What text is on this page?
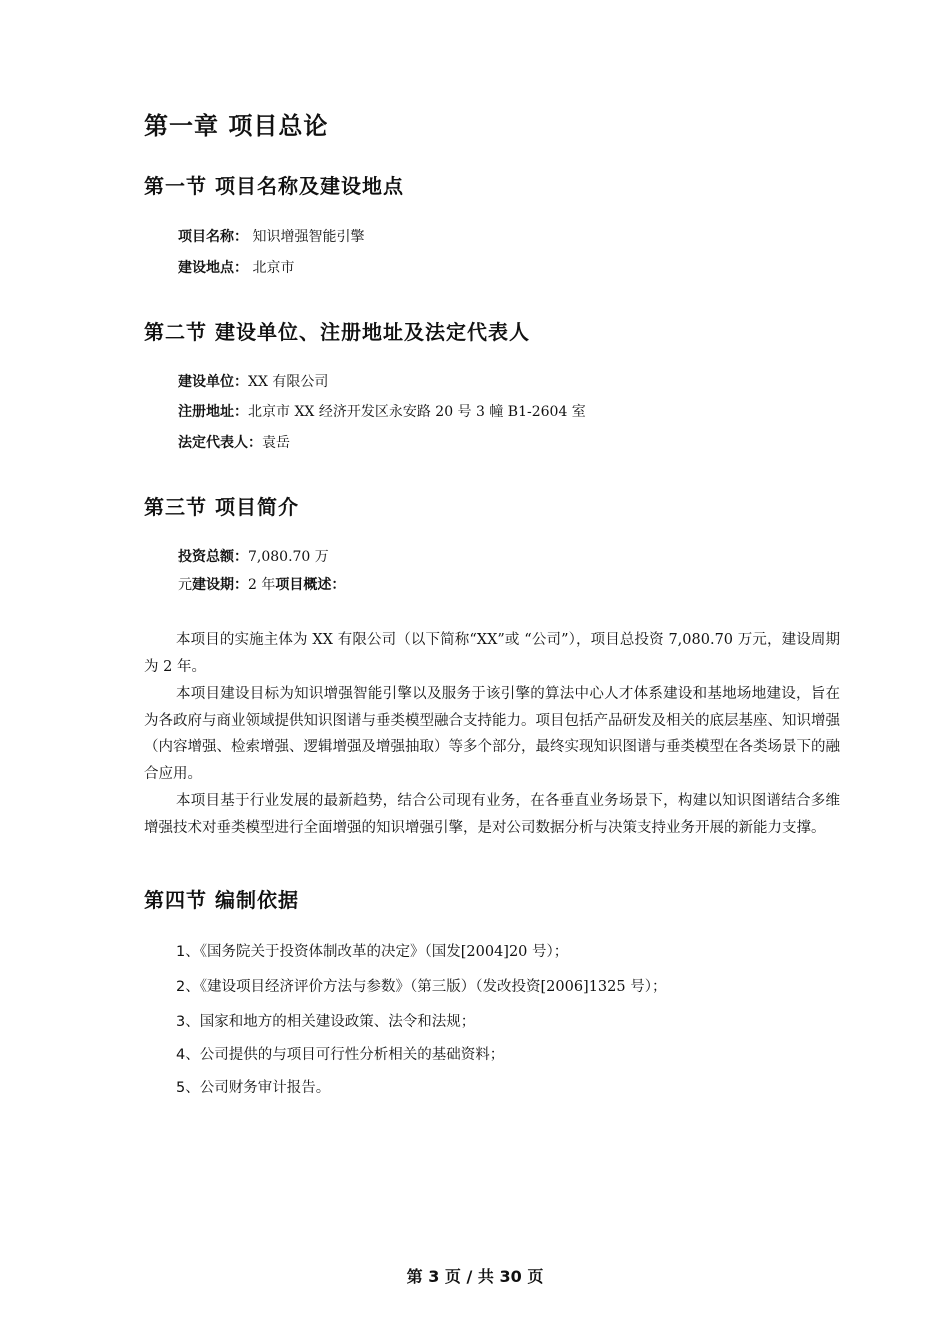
第一章 项目总论
第一节 项目名称及建设地点
项目名称： 知识增强智能引擎
建设地点： 北京市
第二节 建设单位、注册地址及法定代表人
建设单位：XX 有限公司
注册地址：北京市 XX 经济开发区永安路 20 号 3 幢 B1-2604 室
法定代表人：袁岳
第三节 项目简介
投资总额：7,080.70 万
元建设期：2 年项目概述：

本项目的实施主体为 XX 有限公司（以下简称“XX”或 “公司”），项目总投资 7,080.70 万元，建设周期为 2 年。

本项目建设目标为知识增强智能引擎以及服务于该引擎的算法中心人才体系建设和基地场地建设，旨在为各政府与商业领域提供知识图谱与垂类模型融合支持能力。项目包括产品研发及相关的底层基座、知识增强（内容增强、检索增强、逻辑增强及增强抽取）等多个部分，最终实现知识图谱与垂类模型在各类场景下的融合应用。

本项目基于行业发展的最新趋势，结合公司现有业务，在各垂直业务场景下，构建以知识图谱结合多维增强技术对垂类模型进行全面增强的知识增强引擎，是对公司数据分析与决策支持业务开展的新能力支撑。

第四节 编制依据
1、《国务院关于投资体制改革的决定》（国发[2004]20 号）；
2、《建设项目经济评价方法与参数》（第三版）（发改投资[2006]1325 号）；
3、国家和地方的相关建设政策、法令和法规；
4、公司提供的与项目可行性分析相关的基础资料；
5、公司财务审计报告。
第 3 页 / 共 30 页
